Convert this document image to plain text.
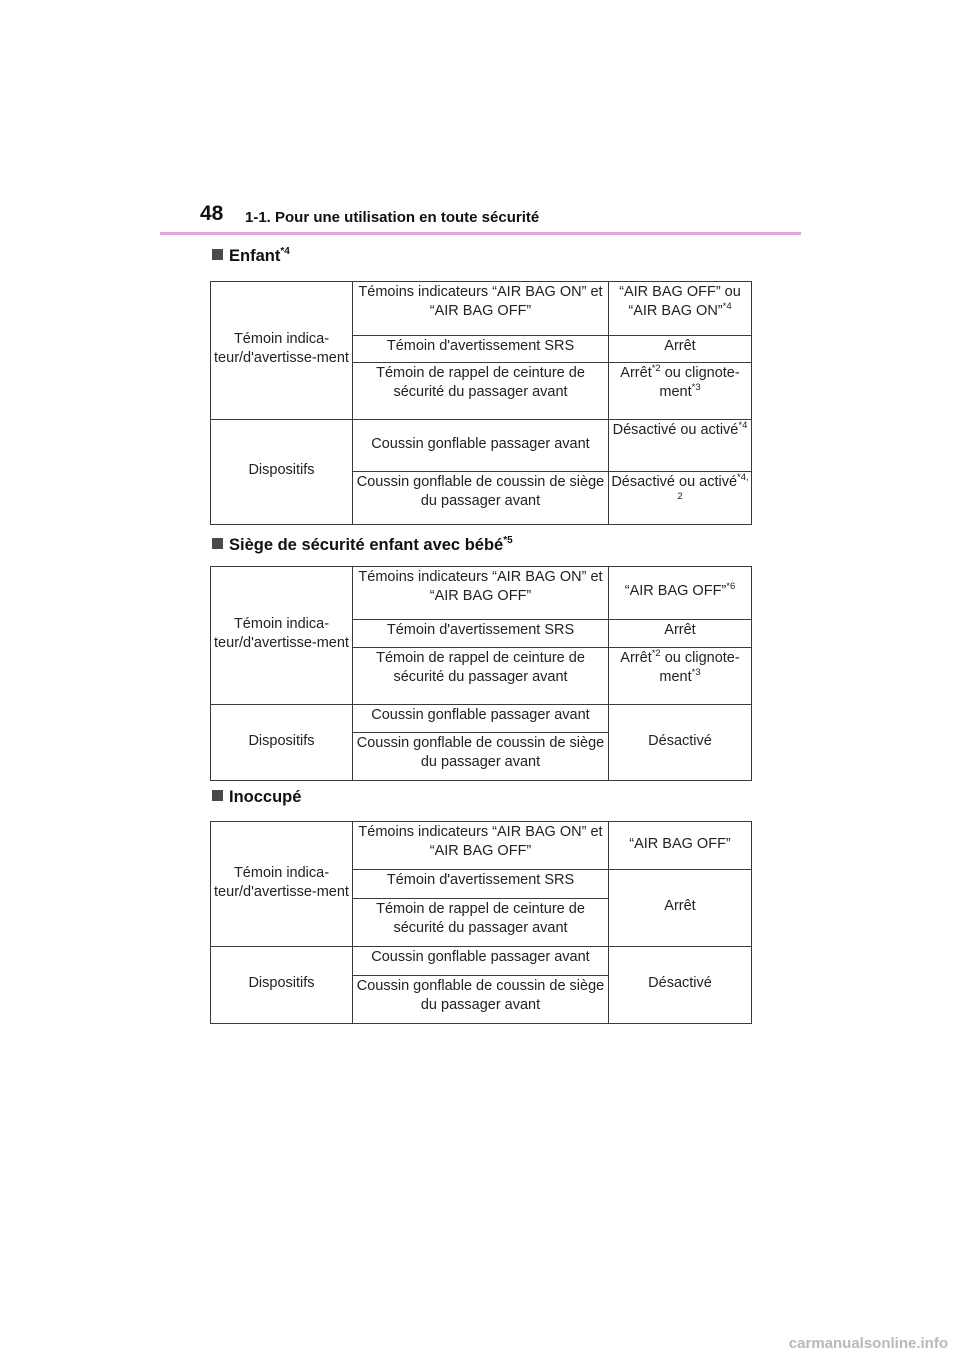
48 1-1. Pour une utilisation en toute sécurité
Enfant$^{*4}$
Témoin indica-teur/d'avertisse-ment	Témoins indicateurs “AIR BAG ON” et “AIR BAG OFF”	“AIR BAG OFF” ou “AIR BAG ON”$^{*4}$
	Témoin d'avertissement SRS	Arrêt
	Témoin de rappel de ceinture de sécurité du passager avant	Arrêt$^{*2}$ ou clignote-ment$^{*3}$
Dispositifs	Coussin gonflable passager avant	Désactivé ou activé$^{*4}$
	Coussin gonflable de coussin de siège du passager avant	Désactivé ou activé$^{*4, 2}$
Siège de sécurité enfant avec bébé$^{*5}$
Témoin indica-teur/d'avertisse-ment	Témoins indicateurs “AIR BAG ON” et “AIR BAG OFF”	“AIR BAG OFF”$^{*6}$
	Témoin d'avertissement SRS	Arrêt
	Témoin de rappel de ceinture de sécurité du passager avant	Arrêt$^{*2}$ ou clignote-ment$^{*3}$
Dispositifs	Coussin gonflable passager avant	Désactivé
	Coussin gonflable de coussin de siège du passager avant	
Inoccupé
Témoin indica-teur/d'avertisse-ment	Témoins indicateurs “AIR BAG ON” et “AIR BAG OFF”	“AIR BAG OFF”
	Témoin d'avertissement SRS	Arrêt
	Témoin de rappel de ceinture de sécurité du passager avant	
Dispositifs	Coussin gonflable passager avant	Désactivé
	Coussin gonflable de coussin de siège du passager avant	
carmanualsonline.info
